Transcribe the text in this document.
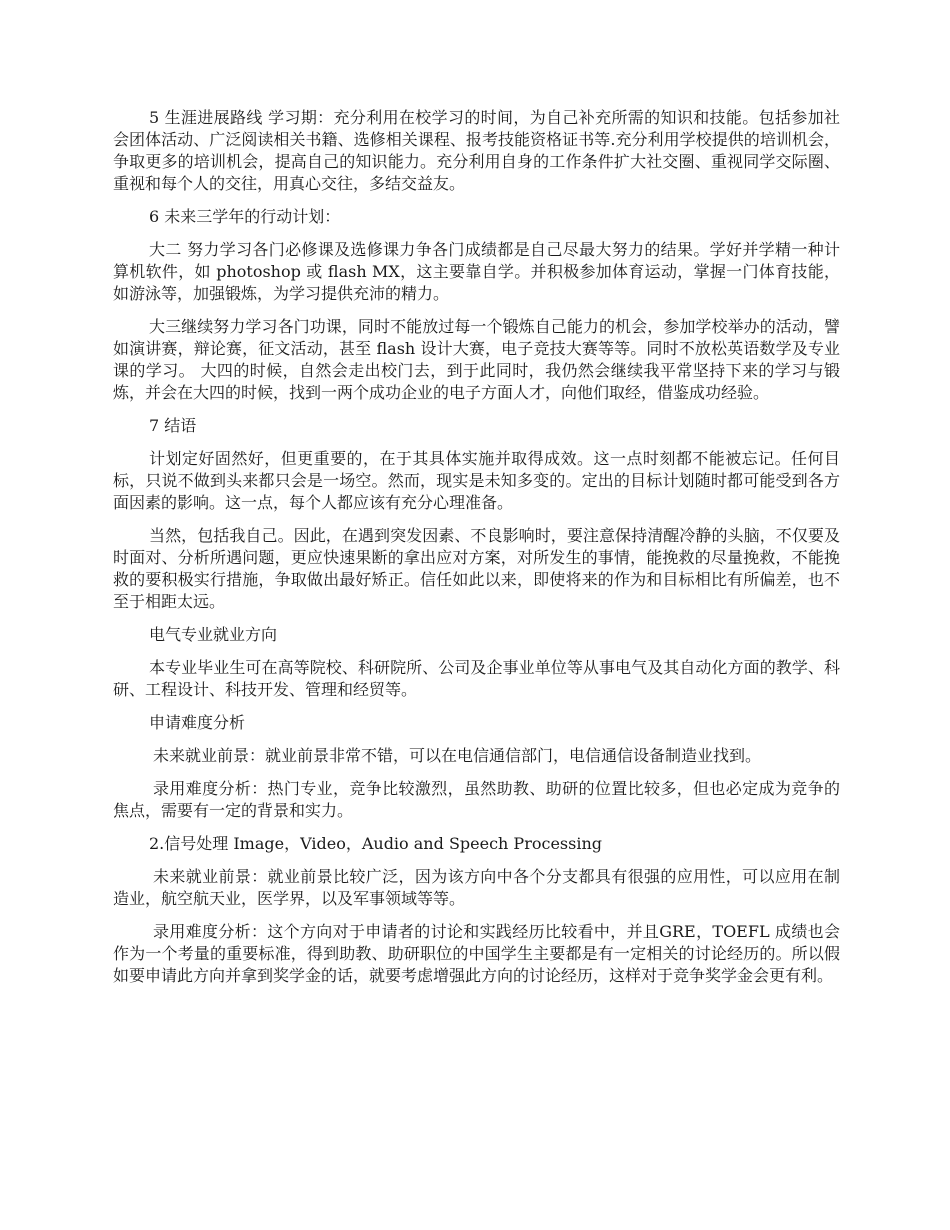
5 生涯进展路线 学习期：充分利用在校学习的时间，为自己补充所需的知识和技能。包括参加社会团体活动、广泛阅读相关书籍、选修相关课程、报考技能资格证书等.充分利用学校提供的培训机会，争取更多的培训机会，提高自己的知识能力。充分利用自身的工作条件扩大社交圈、重视同学交际圈、重视和每个人的交往，用真心交往，多结交益友。

6 未来三学年的行动计划：

大二 努力学习各门必修课及选修课力争各门成绩都是自己尽最大努力的结果。学好并学精一种计算机软件，如 photoshop 或 flash MX，这主要靠自学。并积极参加体育运动，掌握一门体育技能，如游泳等，加强锻炼，为学习提供充沛的精力。

大三继续努力学习各门功课，同时不能放过每一个锻炼自己能力的机会，参加学校举办的活动，譬如演讲赛，辩论赛，征文活动，甚至 flash 设计大赛，电子竞技大赛等等。同时不放松英语数学及专业课的学习。 大四的时候，自然会走出校门去，到于此同时，我仍然会继续我平常坚持下来的学习与锻炼，并会在大四的时候，找到一两个成功企业的电子方面人才，向他们取经，借鉴成功经验。

7 结语

计划定好固然好，但更重要的，在于其具体实施并取得成效。这一点时刻都不能被忘记。任何目标，只说不做到头来都只会是一场空。然而，现实是未知多变的。定出的目标计划随时都可能受到各方面因素的影响。这一点，每个人都应该有充分心理准备。

当然，包括我自己。因此，在遇到突发因素、不良影响时，要注意保持清醒冷静的头脑，不仅要及时面对、分析所遇问题，更应快速果断的拿出应对方案，对所发生的事情，能挽救的尽量挽救，不能挽救的要积极实行措施，争取做出最好矫正。信任如此以来，即使将来的作为和目标相比有所偏差，也不至于相距太远。

电气专业就业方向

本专业毕业生可在高等院校、科研院所、公司及企事业单位等从事电气及其自动化方面的教学、科研、工程设计、科技开发、管理和经贸等。

申请难度分析

未来就业前景：就业前景非常不错，可以在电信通信部门，电信通信设备制造业找到。

录用难度分析：热门专业，竞争比较激烈，虽然助教、助研的位置比较多，但也必定成为竞争的焦点，需要有一定的背景和实力。

2.信号处理 Image，Video，Audio and Speech Processing

未来就业前景：就业前景比较广泛，因为该方向中各个分支都具有很强的应用性，可以应用在制造业，航空航天业，医学界，以及军事领域等等。

录用难度分析：这个方向对于申请者的讨论和实践经历比较看中，并且GRE，TOEFL 成绩也会作为一个考量的重要标准，得到助教、助研职位的中国学生主要都是有一定相关的讨论经历的。所以假如要申请此方向并拿到奖学金的话，就要考虑增强此方向的讨论经历，这样对于竞争奖学金会更有利。
